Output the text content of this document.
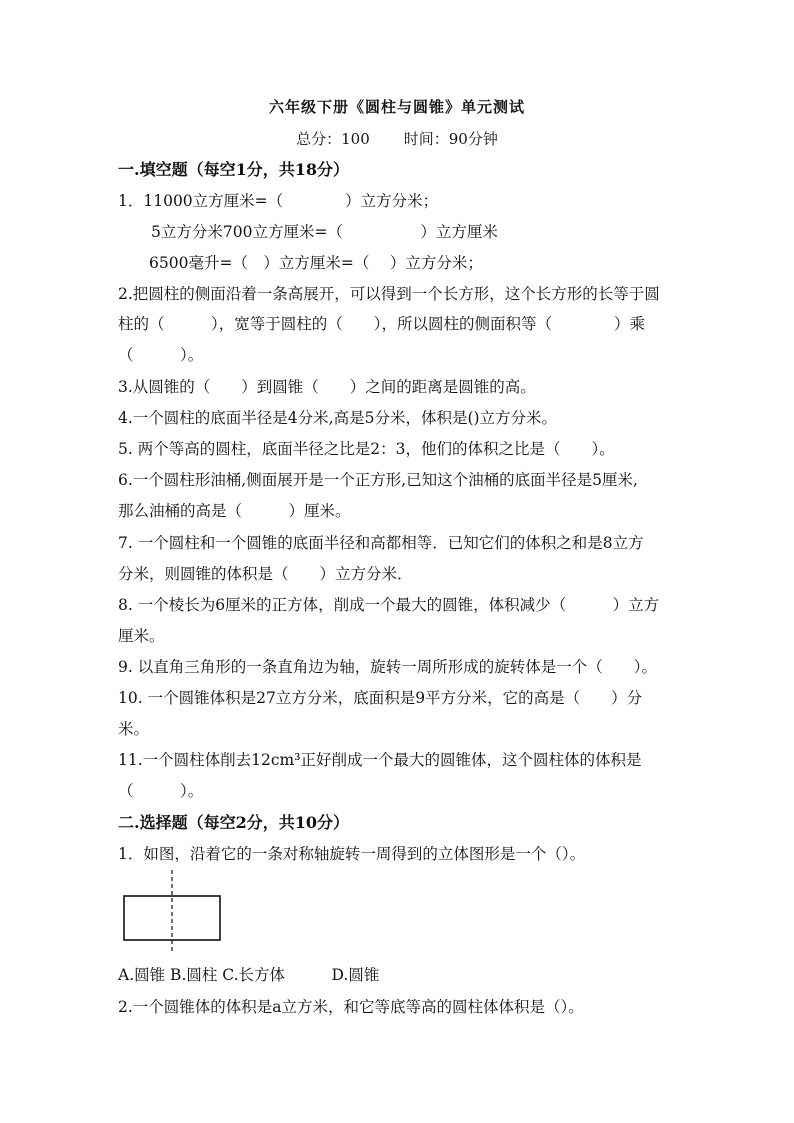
六年级下册《圆柱与圆锥》单元测试
总分：100 时间：90分钟
一.填空题（每空1分，共18分）
1．11000立方厘米=（　　　　）立方分米；
5立方分米700立方厘米=（　　　　　）立方厘米
6500毫升=（　）立方厘米=（　 ）立方分米；
2.把圆柱的侧面沿着一条高展开，可以得到一个长方形，这个长方形的长等于圆
柱的（　　　），宽等于圆柱的（　　），所以圆柱的侧面积等（　　　　）乘
（　　　）。
3.从圆锥的（　　）到圆锥（　　）之间的距离是圆锥的高。
4.一个圆柱的底面半径是4分米,高是5分米，体积是()立方分米。
5. 两个等高的圆柱，底面半径之比是2：3，他们的体积之比是（　　）。
6.一个圆柱形油桶,侧面展开是一个正方形,已知这个油桶的底面半径是5厘米,
那么油桶的高是（　　　）厘米。
7. 一个圆柱和一个圆锥的底面半径和高都相等．已知它们的体积之和是8立方
分米，则圆锥的体积是（　　）立方分米．
8. 一个棱长为6厘米的正方体，削成一个最大的圆锥，体积减少（　　　）立方
厘米。
9. 以直角三角形的一条直角边为轴，旋转一周所形成的旋转体是一个（　　）。
10. 一个圆锥体积是27立方分米，底面积是9平方分米，它的高是（　　）分
米。
11.一个圆柱体削去12cm³正好削成一个最大的圆锥体，这个圆柱体的体积是
（　　　）。
二.选择题（每空2分，共10分）
1．如图，沿着它的一条对称轴旋转一周得到的立体图形是一个（）。
A.圆锥 B.圆柱 C.长方体　　　D.圆锥
2.一个圆锥体的体积是a立方米，和它等底等高的圆柱体体积是（）。
